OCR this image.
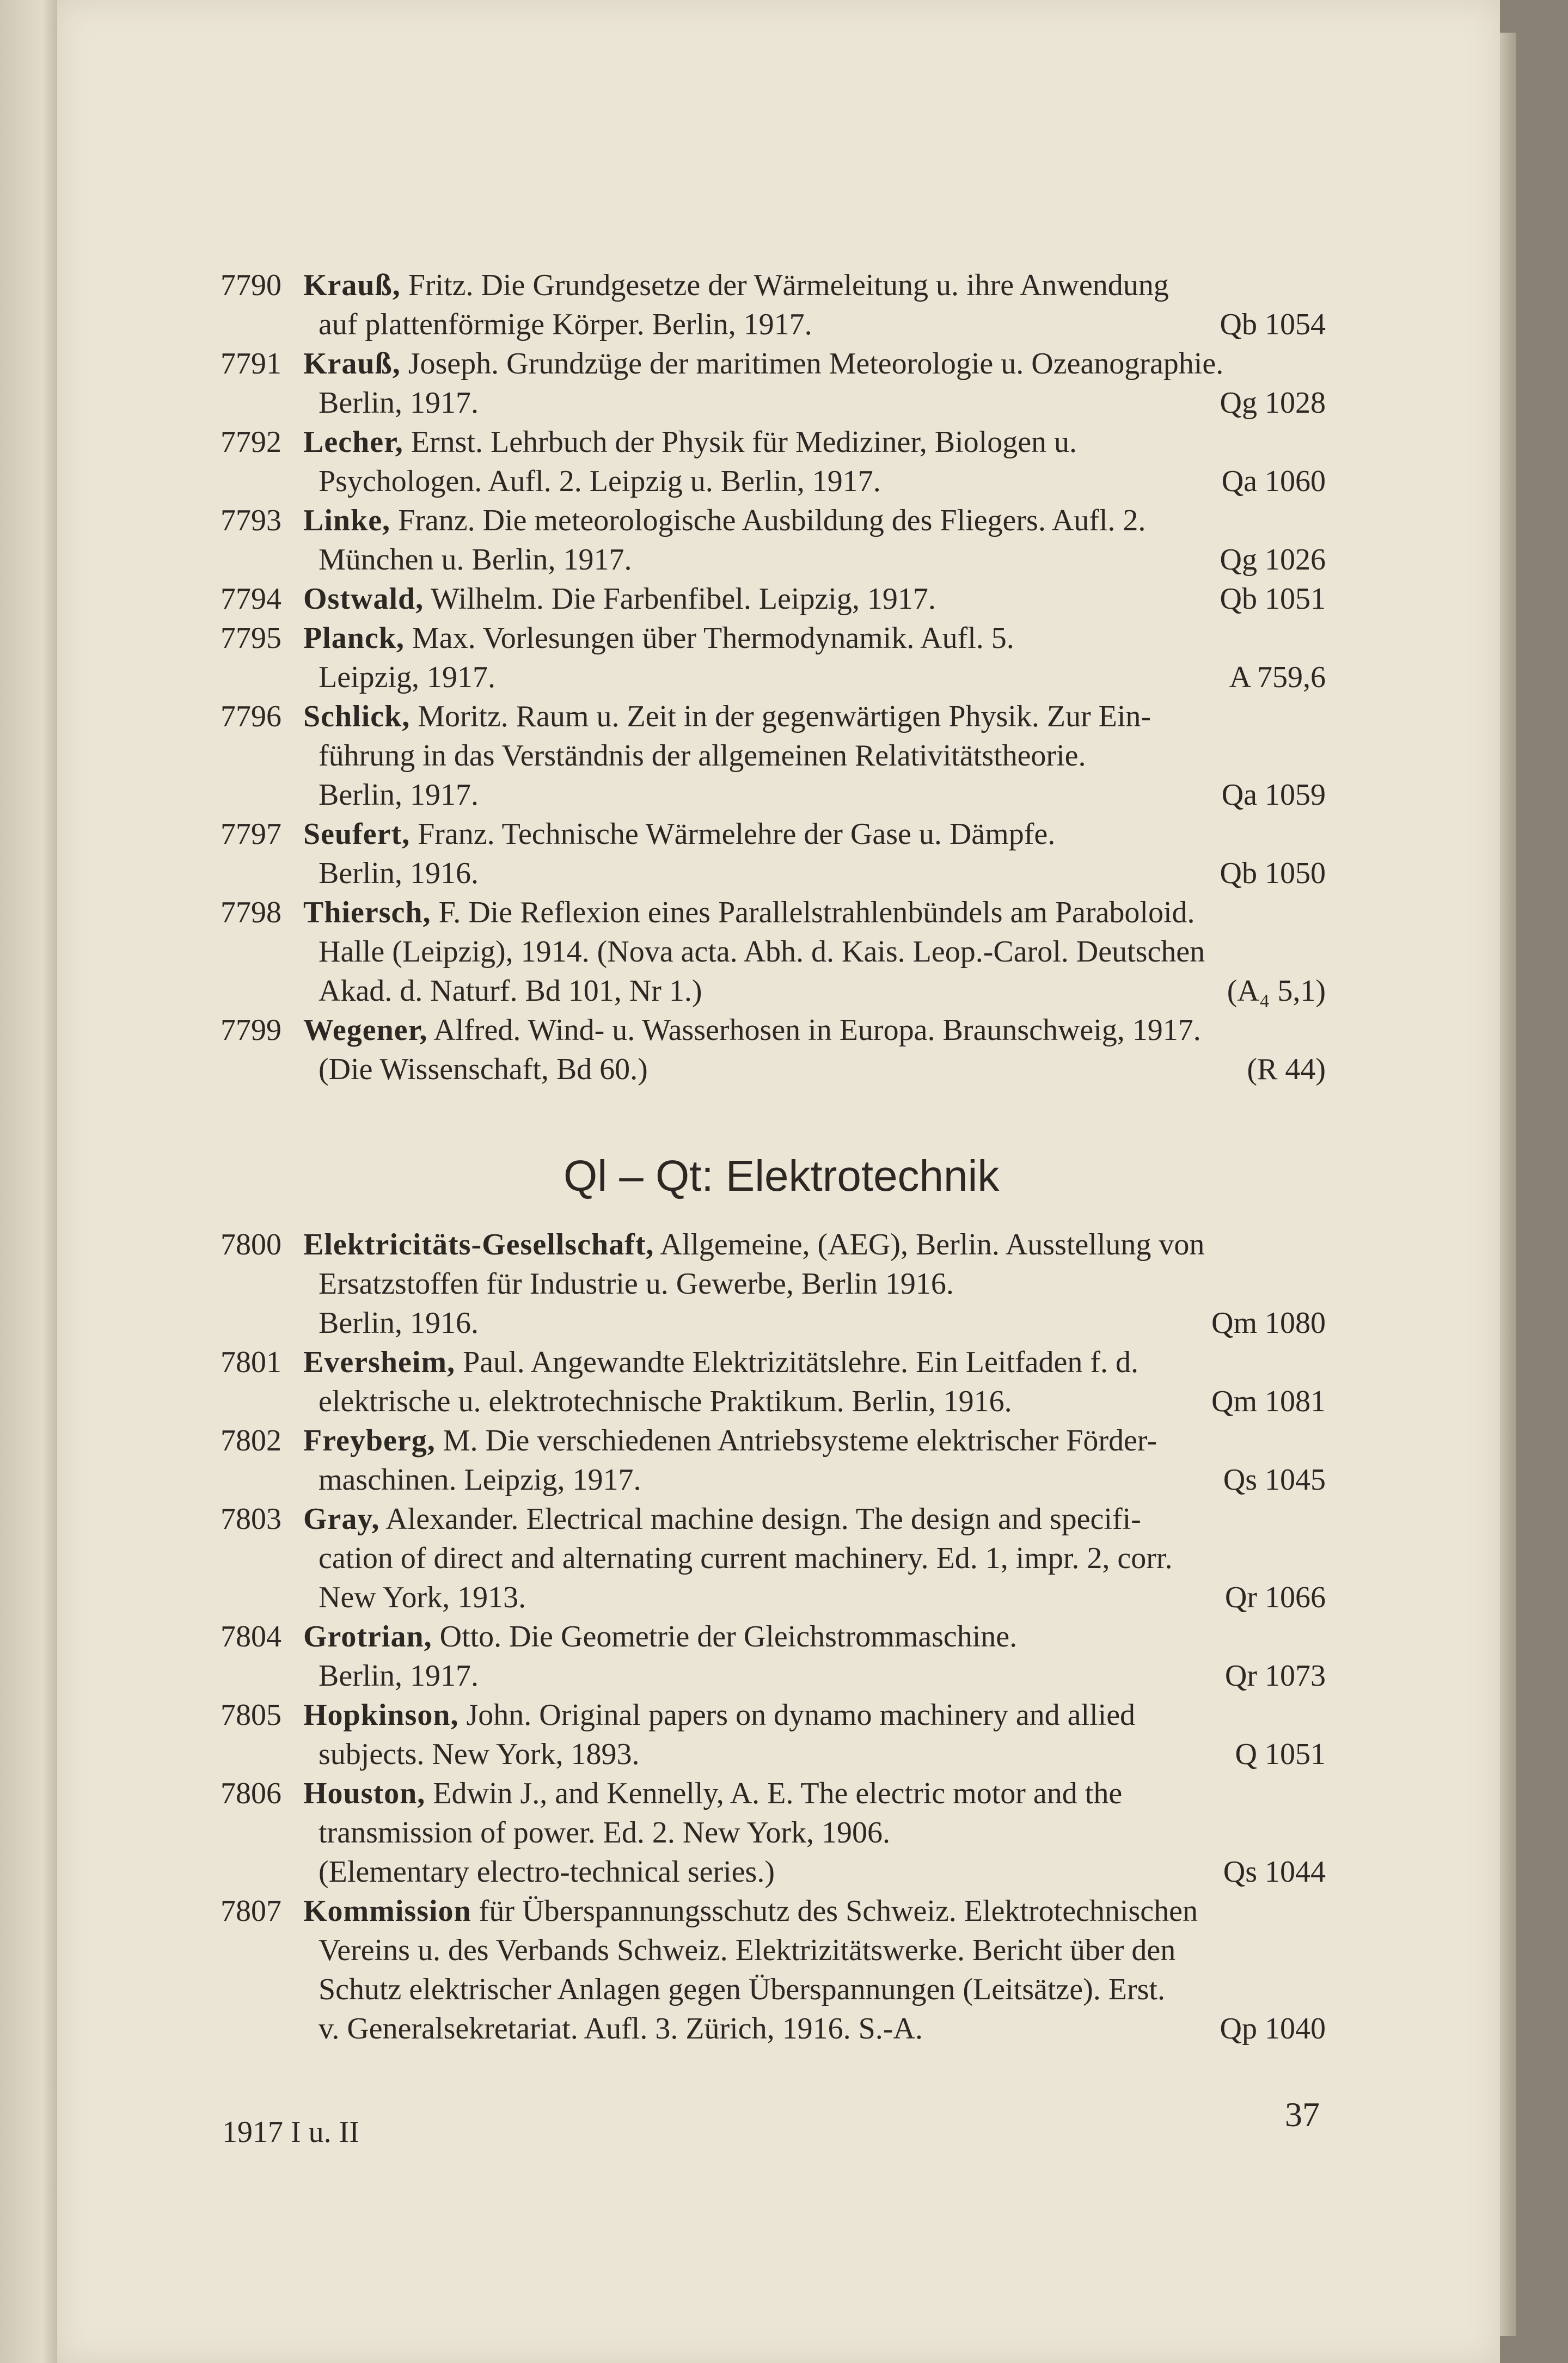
7790 Krauß, Fritz. Die Grundgesetze der Wärmeleitung u. ihre Anwendung
auf plattenförmige Körper. Berlin, 1917.	Qb 1054
7791 Krauß, Joseph. Grundzüge der maritimen Meteorologie u. Ozeanographie.
Berlin, 1917.	Qg 1028
7792 Lecher, Ernst. Lehrbuch der Physik für Mediziner, Biologen u.
Psychologen. Aufl. 2. Leipzig u. Berlin, 1917.	Qa 1060
7793 Linke, Franz. Die meteorologische Ausbildung des Fliegers. Aufl. 2.
München u. Berlin, 1917.	Qg 1026
7794 Ostwald, Wilhelm. Die Farbenfibel. Leipzig, 1917.	Qb 1051
7795 Planck, Max. Vorlesungen über Thermodynamik. Aufl. 5.
Leipzig, 1917.	A 759,6
7796 Schlick, Moritz. Raum u. Zeit in der gegenwärtigen Physik. Zur Ein-
führung in das Verständnis der allgemeinen Relativitätstheorie.
Berlin, 1917.	Qa 1059
7797 Seufert, Franz. Technische Wärmelehre der Gase u. Dämpfe.
Berlin, 1916.	Qb 1050
7798 Thiersch, F. Die Reflexion eines Parallelstrahlenbündels am Paraboloid.
Halle (Leipzig), 1914. (Nova acta. Abh. d. Kais. Leop.-Carol. Deutschen
Akad. d. Naturf. Bd 101, Nr 1.)	(A₄ 5,1)
7799 Wegener, Alfred. Wind- u. Wasserhosen in Europa. Braunschweig, 1917.
(Die Wissenschaft, Bd 60.)	(R 44)
Ql – Qt: Elektrotechnik
7800 Elektricitäts-Gesellschaft, Allgemeine, (AEG), Berlin. Ausstellung von
Ersatzstoffen für Industrie u. Gewerbe, Berlin 1916.
Berlin, 1916.	Qm 1080
7801 Eversheim, Paul. Angewandte Elektrizitätslehre. Ein Leitfaden f. d.
elektrische u. elektrotechnische Praktikum. Berlin, 1916.	Qm 1081
7802 Freyberg, M. Die verschiedenen Antriebsysteme elektrischer Förder-
maschinen. Leipzig, 1917.	Qs 1045
7803 Gray, Alexander. Electrical machine design. The design and specifi-
cation of direct and alternating current machinery. Ed. 1, impr. 2, corr.
New York, 1913.	Qr 1066
7804 Grotrian, Otto. Die Geometrie der Gleichstrommaschine.
Berlin, 1917.	Qr 1073
7805 Hopkinson, John. Original papers on dynamo machinery and allied
subjects. New York, 1893.	Q 1051
7806 Houston, Edwin J., and Kennelly, A. E. The electric motor and the
transmission of power. Ed. 2. New York, 1906.
(Elementary electro-technical series.)	Qs 1044
7807 Kommission für Überspannungsschutz des Schweiz. Elektrotechnischen
Vereins u. des Verbands Schweiz. Elektrizitätswerke. Bericht über den
Schutz elektrischer Anlagen gegen Überspannungen (Leitsätze). Erst.
v. Generalsekretariat. Aufl. 3. Zürich, 1916. S.-A.	Qp 1040
1917 I u. II	37
